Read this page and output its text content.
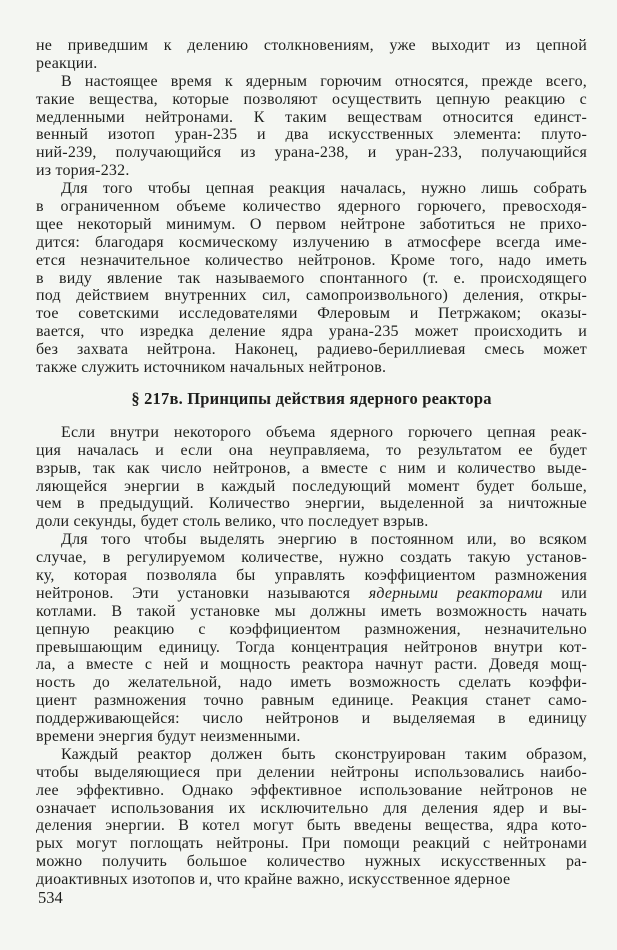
не приведшим к делению столкновениям, уже выходит из цепной
реакции.
В настоящее время к ядерным горючим относятся, прежде всего,
такие вещества, которые позволяют осуществить цепную реакцию с
медленными нейтронами. К таким веществам относится единст-
венный изотоп уран-235 и два искусственных элемента: плуто-
ний-239, получающийся из урана-238, и уран-233, получающийся
из тория-232.
Для того чтобы цепная реакция началась, нужно лишь собрать
в ограниченном объеме количество ядерного горючего, превосходя-
щее некоторый минимум. О первом нейтроне заботиться не прихо-
дится: благодаря космическому излучению в атмосфере всегда име-
ется незначительное количество нейтронов. Кроме того, надо иметь
в виду явление так называемого спонтанного (т. е. происходящего
под действием внутренних сил, самопроизвольного) деления, откры-
тое советскими исследователями Флеровым и Петржаком; оказы-
вается, что изредка деление ядра урана-235 может происходить и
без захвата нейтрона. Наконец, радиево-бериллиевая смесь может
также служить источником начальных нейтронов.
§ 217в. Принципы действия ядерного реактора
Если внутри некоторого объема ядерного горючего цепная реак-
ция началась и если она неуправляема, то результатом ее будет
взрыв, так как число нейтронов, а вместе с ним и количество выде-
ляющейся энергии в каждый последующий момент будет больше,
чем в предыдущий. Количество энергии, выделенной за ничтожные
доли секунды, будет столь велико, что последует взрыв.
Для того чтобы выделять энергию в постоянном или, во всяком
случае, в регулируемом количестве, нужно создать такую установ-
ку, которая позволяла бы управлять коэффициентом размножения
нейтронов. Эти установки называются ядерными реакторами или
котлами. В такой установке мы должны иметь возможность начать
цепную реакцию с коэффициентом размножения, незначительно
превышающим единицу. Тогда концентрация нейтронов внутри кот-
ла, а вместе с ней и мощность реактора начнут расти. Доведя мощ-
ность до желательной, надо иметь возможность сделать коэффи-
циент размножения точно равным единице. Реакция станет само-
поддерживающейся: число нейтронов и выделяемая в единицу
времени энергия будут неизменными.
Каждый реактор должен быть сконструирован таким образом,
чтобы выделяющиеся при делении нейтроны использовались наибо-
лее эффективно. Однако эффективное использование нейтронов не
означает использования их исключительно для деления ядер и вы-
деления энергии. В котел могут быть введены вещества, ядра кото-
рых могут поглощать нейтроны. При помощи реакций с нейтронами
можно получить большое количество нужных искусственных ра-
диоактивных изотопов и, что крайне важно, искусственное ядерное
534
